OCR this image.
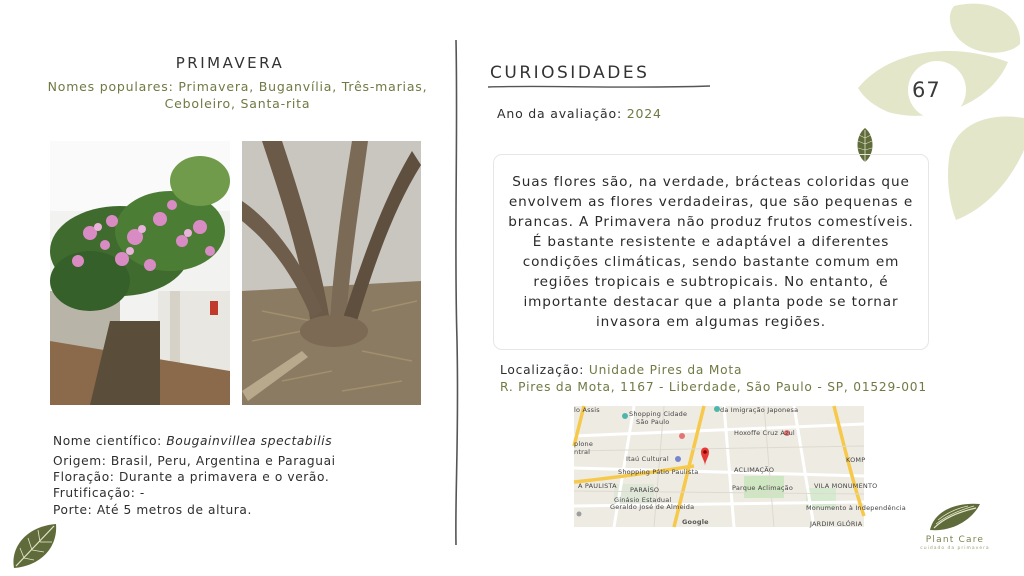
67
PRIMAVERA
Nomes populares: Primavera, Buganvília, Três-marias,
Ceboleiro, Santa-rita
Nome científico: Bougainvillea spectabilis
Origem: Brasil, Peru, Argentina e Paraguai
Floração: Durante a primavera e o verão.
Frutificação: -
Porte: Até 5 metros de altura.
CURIOSIDADES
Ano da avaliação: 2024

Suas flores são, na verdade, brácteas coloridas que envolvem as flores verdadeiras, que são pequenas e brancas. A Primavera não produz frutos comestíveis. É bastante resistente e adaptável a diferentes condições climáticas, sendo bastante comum em regiões tropicais e subtropicais. No entanto, é importante destacar que a planta pode se tornar invasora em algumas regiões.

Localização: Unidade Pires da Mota
R. Pires da Mota, 1167 - Liberdade, São Paulo - SP, 01529-001
lo Assis	Shopping Cidade
São Paulo
da Imigração Japonesa
Hoxoffe Cruz Azul
plone
ntral
Itaú Cultural
Shopping Pátio Paulista	ACLIMAÇÃO
KOMP
A PAULISTA PARAÍSO	Parque Aclimação	VILA MONUMENTO
Ginásio Estadual
Geraldo José de Almeida	Monumento à Independência
Google	JARDIM GLÓRIA
Plant Care
cuidado da primavera
